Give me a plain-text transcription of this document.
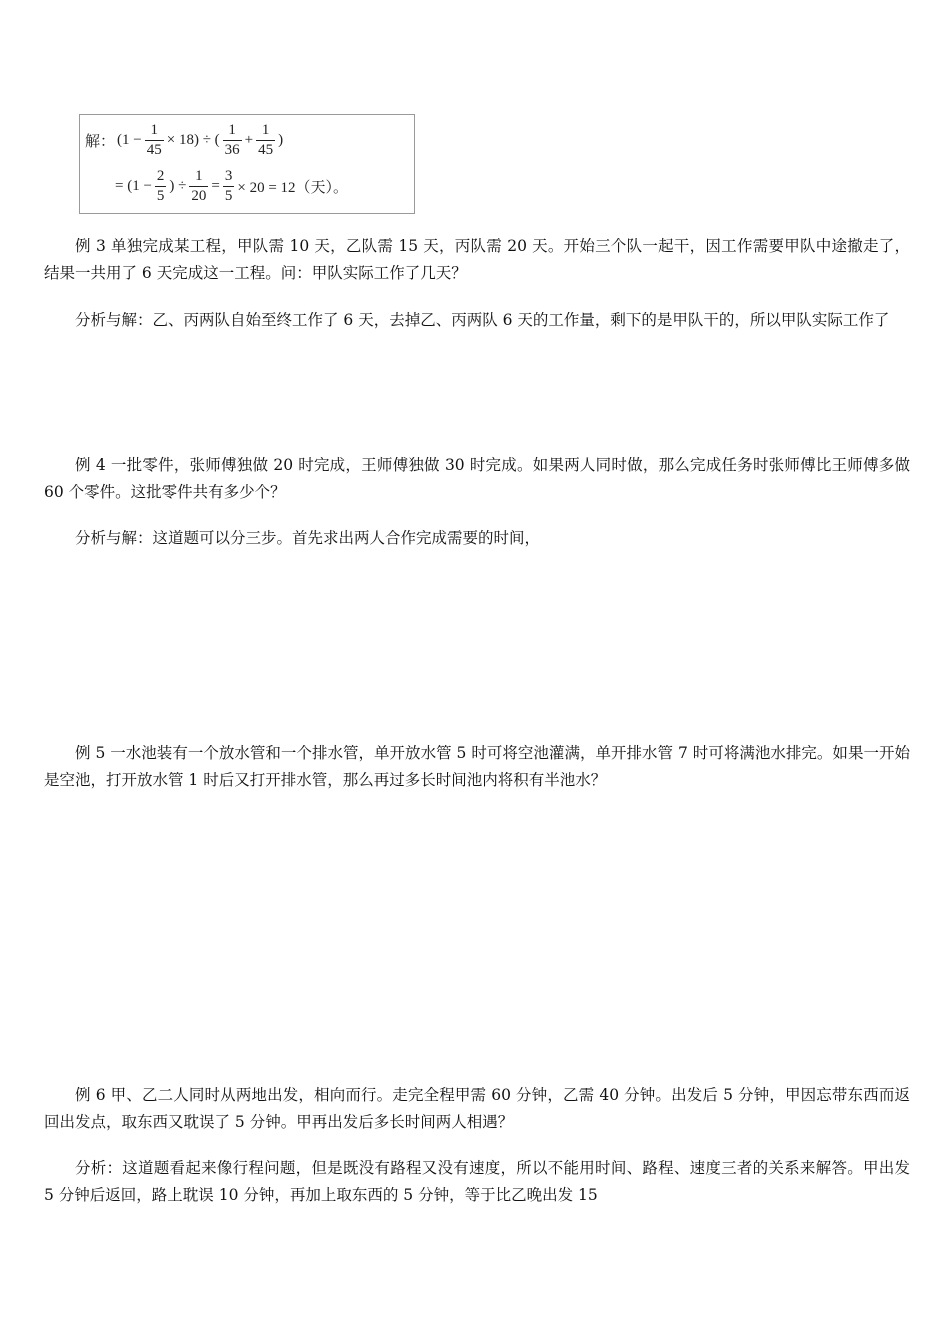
解： $(1 - \frac{1}{45} \times 18)$ ÷ ( $\frac{1}{36} + \frac{1}{45}$ )
= ($1 - \frac{2}{5}$ ) ÷ $\frac{1}{20} = \frac{3}{5} \times 20 = 12$（天）。

例 3 单独完成某工程，甲队需 10 天，乙队需 15 天，丙队需 20 天。开始三个队一起干，因工作需要甲队中途撤走了，结果一共用了 6 天完成这一工程。问：甲队实际工作了几天？

分析与解：乙、丙两队自始至终工作了 6 天，去掉乙、丙两队 6 天的工作量，剩下的是甲队干的，所以甲队实际工作了

例 4 一批零件，张师傅独做 20 时完成，王师傅独做 30 时完成。如果两人同时做，那么完成任务时张师傅比王师傅多做 60 个零件。这批零件共有多少个？

分析与解：这道题可以分三步。首先求出两人合作完成需要的时间，

例 5 一水池装有一个放水管和一个排水管，单开放水管 5 时可将空池灌满，单开排水管 7 时可将满池水排完。如果一开始是空池，打开放水管 1 时后又打开排水管，那么再过多长时间池内将积有半池水？

例 6 甲、乙二人同时从两地出发，相向而行。走完全程甲需 60 分钟，乙需 40 分钟。出发后 5 分钟，甲因忘带东西而返回出发点，取东西又耽误了 5 分钟。甲再出发后多长时间两人相遇？

分析：这道题看起来像行程问题，但是既没有路程又没有速度，所以不能用时间、路程、速度三者的关系来解答。甲出发 5 分钟后返回，路上耽误 10 分钟，再加上取东西的 5 分钟，等于比乙晚出发 15
